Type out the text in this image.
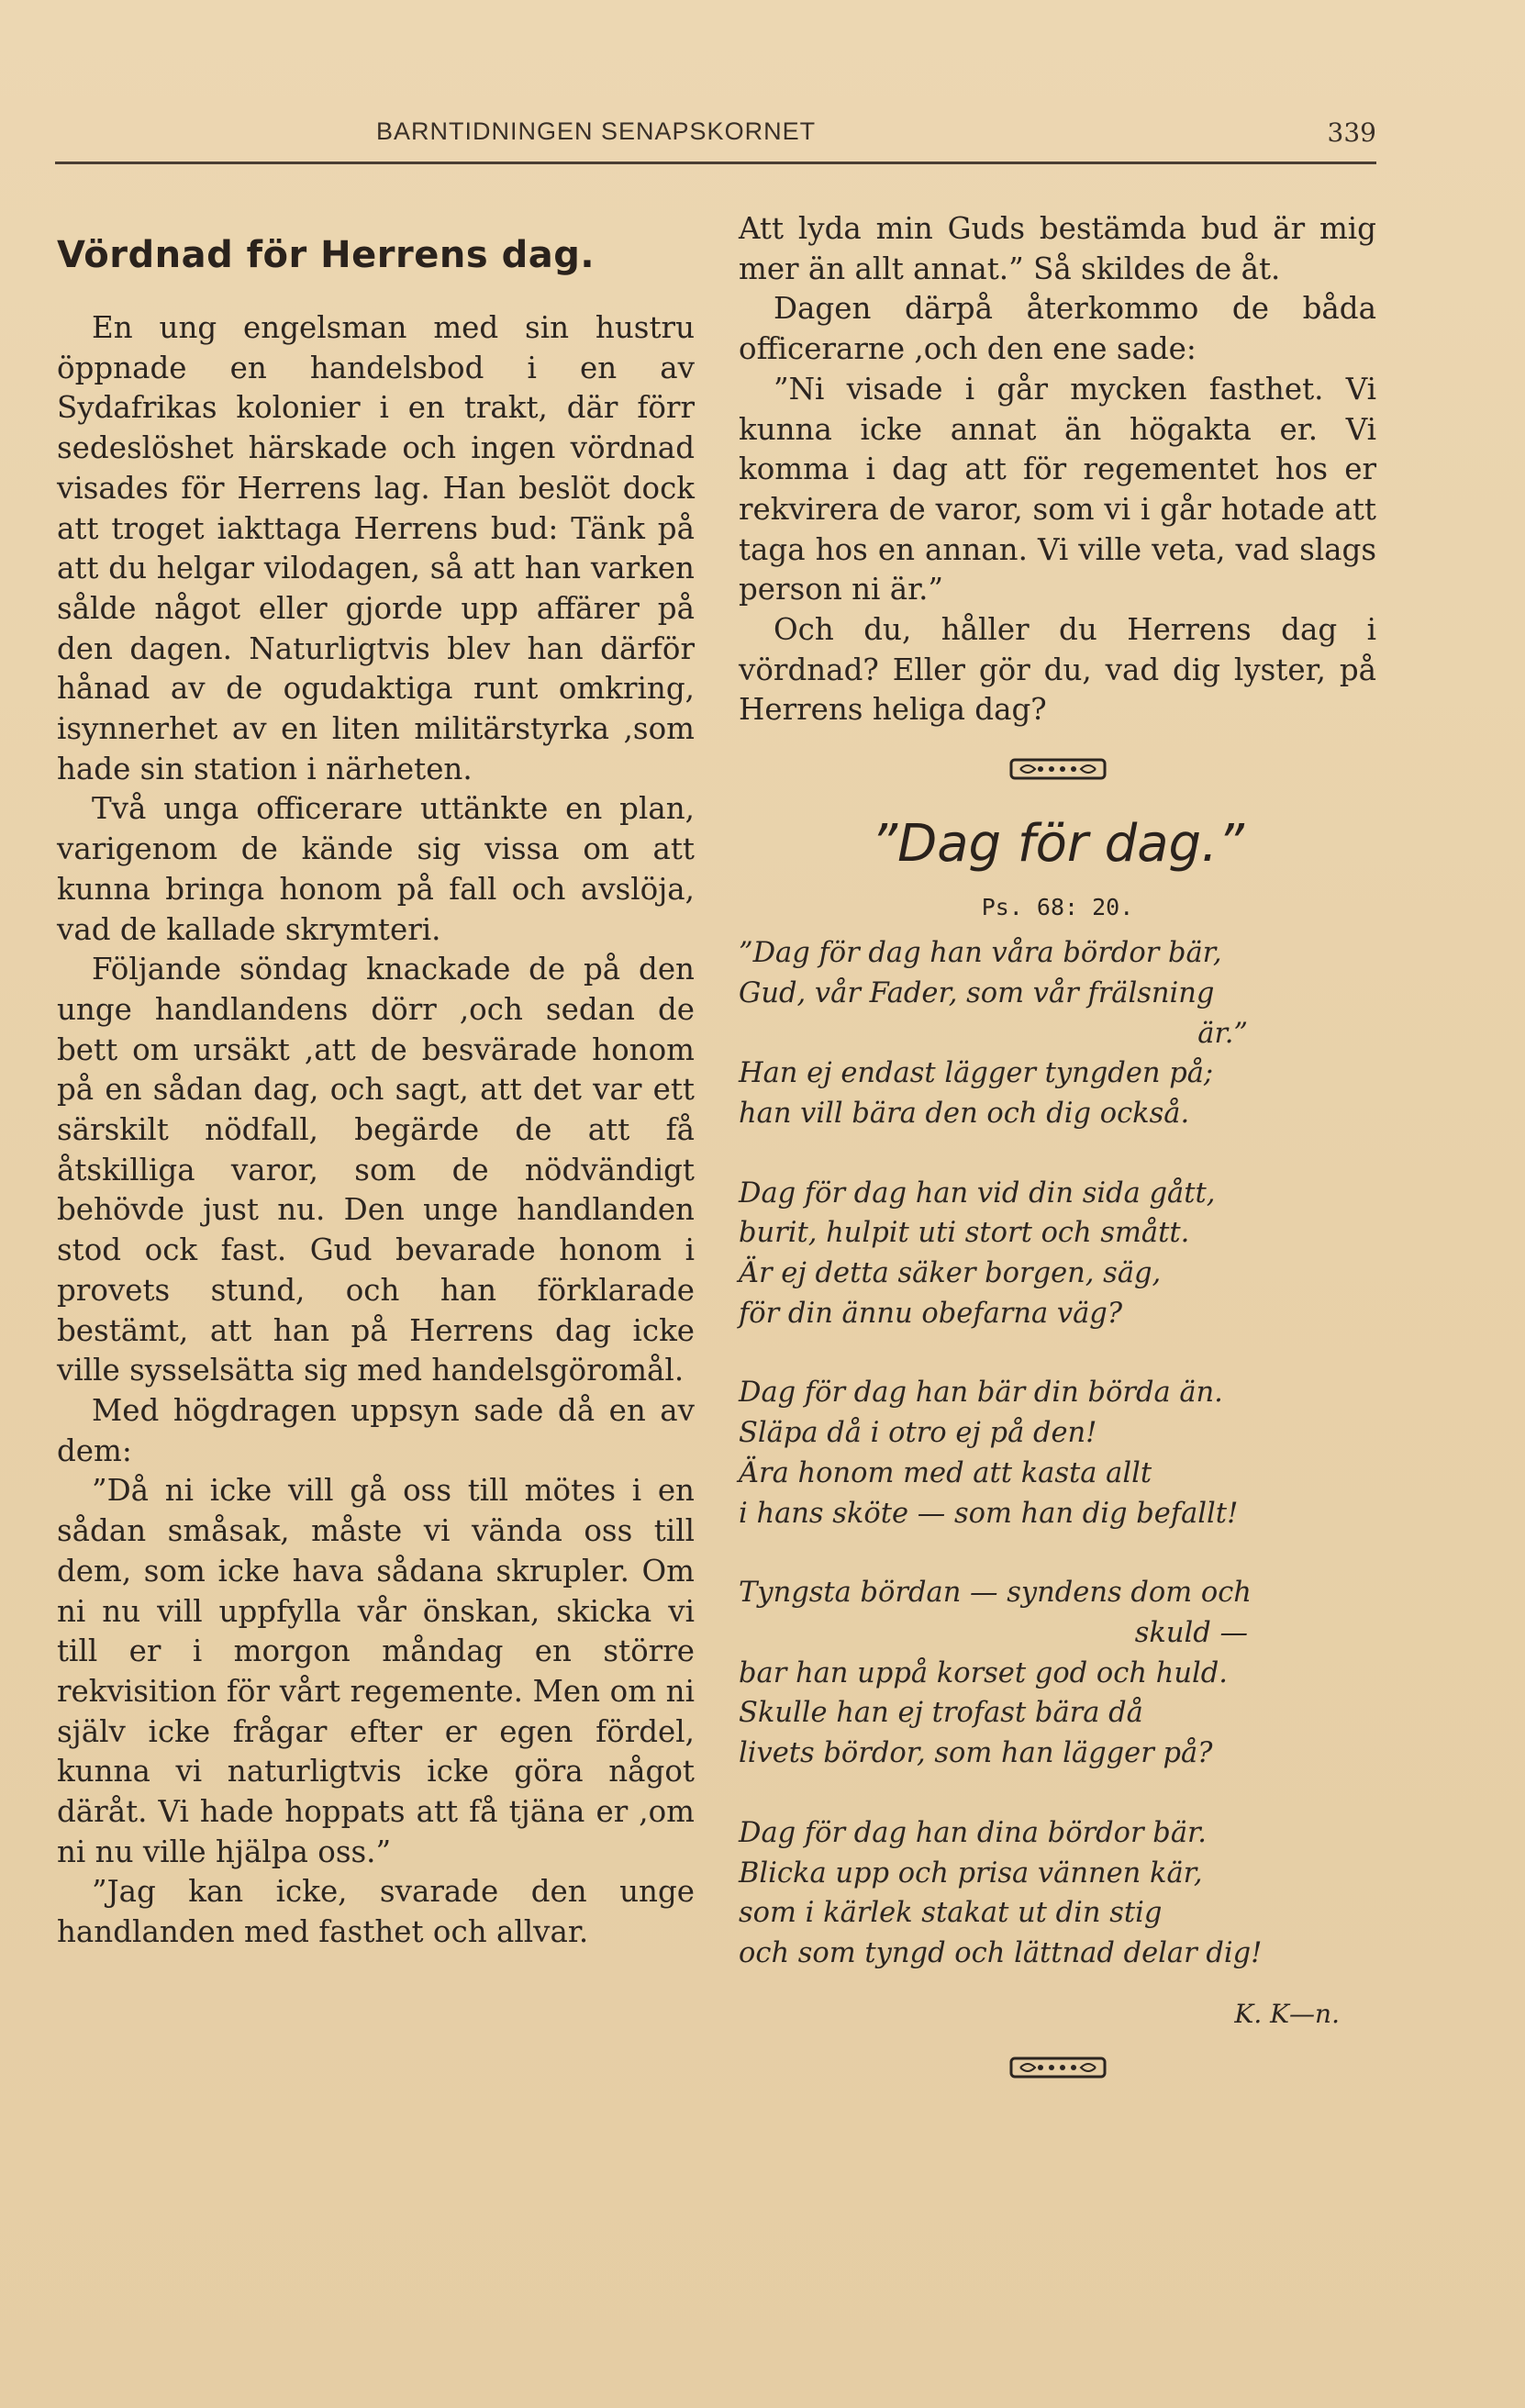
BARNTIDNINGEN SENAPSKORNET	339
Vördnad för Herrens dag.

En ung engelsman med sin hustru öppnade en handelsbod i en av Sydafrikas kolonier i en trakt, där förr sedeslöshet härskade och ingen vördnad visades för Herrens lag. Han beslöt dock att troget iakttaga Herrens bud: Tänk på att du helgar vilodagen, så att han varken sålde något eller gjorde upp affärer på den dagen. Naturligtvis blev han därför hånad av de ogudaktiga runt omkring, isynnerhet av en liten militärstyrka ,som hade sin station i närheten.

Två unga officerare uttänkte en plan, varigenom de kände sig vissa om att kunna bringa honom på fall och avslöja, vad de kallade skrymteri.

Följande söndag knackade de på den unge handlandens dörr ,och sedan de bett om ursäkt ,att de besvärade honom på en sådan dag, och sagt, att det var ett särskilt nödfall, begärde de att få åtskilliga varor, som de nödvändigt behövde just nu. Den unge handlanden stod ock fast. Gud bevarade honom i provets stund, och han förklarade bestämt, att han på Herrens dag icke ville sysselsätta sig med handelsgöromål.

Med högdragen uppsyn sade då en av dem:

”Då ni icke vill gå oss till mötes i en sådan småsak, måste vi vända oss till dem, som icke hava sådana skrupler. Om ni nu vill uppfylla vår önskan, skicka vi till er i morgon måndag en större rekvisition för vårt regemente. Men om ni själv icke frågar efter er egen fördel, kunna vi naturligtvis icke göra något däråt. Vi hade hoppats att få tjäna er ,om ni nu ville hjälpa oss.”

”Jag kan icke, svarade den unge handlanden med fasthet och allvar.

Att lyda min Guds bestämda bud är mig mer än allt annat.” Så skildes de åt.

Dagen därpå återkommo de båda officerarne ,och den ene sade:

”Ni visade i går mycken fasthet. Vi kunna icke annat än högakta er. Vi komma i dag att för regementet hos er rekvirera de varor, som vi i går hotade att taga hos en annan. Vi ville veta, vad slags person ni är.”

Och du, håller du Herrens dag i vördnad? Eller gör du, vad dig lyster, på Herrens heliga dag?

”Dag för dag.”
Ps. 68: 20.
”Dag för dag han våra bördor bär,
Gud, vår Fader, som vår frälsning
är.”
Han ej endast lägger tyngden på;
han vill bära den och dig också.
Dag för dag han vid din sida gått,
burit, hulpit uti stort och smått.
Är ej detta säker borgen, säg,
för din ännu obefarna väg?
Dag för dag han bär din börda än.
Släpa då i otro ej på den!
Ära honom med att kasta allt
i hans sköte — som han dig befallt!
Tyngsta bördan — syndens dom och
skuld —
bar han uppå korset god och huld.
Skulle han ej trofast bära då
livets bördor, som han lägger på?
Dag för dag han dina bördor bär.
Blicka upp och prisa vännen kär,
som i kärlek stakat ut din stig
och som tyngd och lättnad delar dig!
K. K—n.
